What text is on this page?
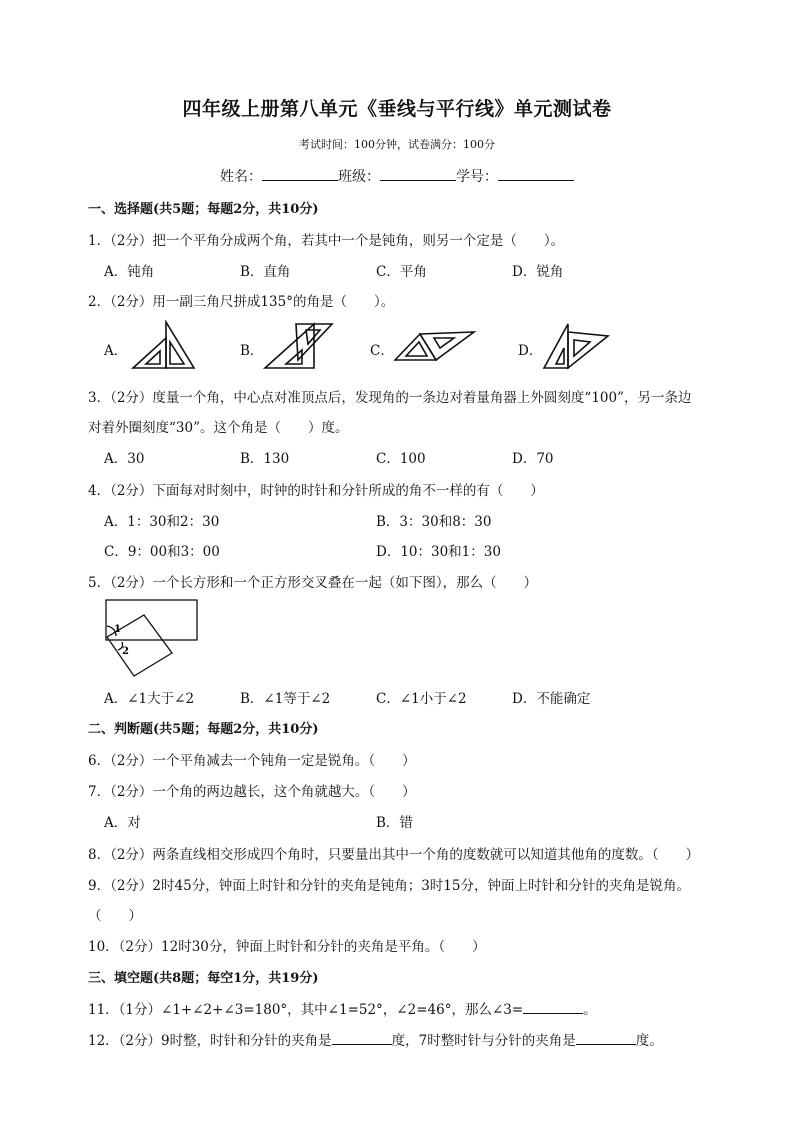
四年级上册第八单元《垂线与平行线》单元测试卷
考试时间：100分钟，试卷满分：100分
姓名：	班级：	学号：
一、选择题(共5题；每题2分，共10分)
1．（2分）把一个平角分成两个角，若其中一个是钝角，则另一个定是（　　）。
A．钝角	B．直角	C．平角	D．锐角
2．（2分）用一副三角尺拼成135°的角是（　　）。
A．	B．	C．	D．
3．（2分）度量一个角，中心点对准顶点后，发现角的一条边对着量角器上外圆刻度“100”，另一条边
对着外圈刻度“30”。这个角是（　　）度。
A．30	B．130	C．100	D．70
4．（2分）下面每对时刻中，时钟的时针和分针所成的角不一样的有（　　）
A．1：30和2：30	B．3：30和8：30
C．9：00和3：00	D．10：30和1：30
5．（2分）一个长方形和一个正方形交叉叠在一起（如下图），那么（　　）
1
2
A．∠1大于∠2	B．∠1等于∠2	C．∠1小于∠2	D．不能确定
二、判断题(共5题；每题2分，共10分)
6．（2分）一个平角减去一个钝角一定是锐角。（　　）
7．（2分）一个角的两边越长，这个角就越大。（　　）
A．对	B．错
8．（2分）两条直线相交形成四个角时，只要量出其中一个角的度数就可以知道其他角的度数。（　　）
9．（2分）2时45分，钟面上时针和分针的夹角是钝角；3时15分，钟面上时针和分针的夹角是锐角。
（　　）
10．（2分）12时30分，钟面上时针和分针的夹角是平角。（　　）
三、填空题(共8题；每空1分，共19分)
11．（1分）∠1+∠2+∠3=180°，其中∠1=52°，∠2=46°，那么∠3=	。
12．（2分）9时整，时针和分针的夹角是	度，7时整时针与分针的夹角是	度。
